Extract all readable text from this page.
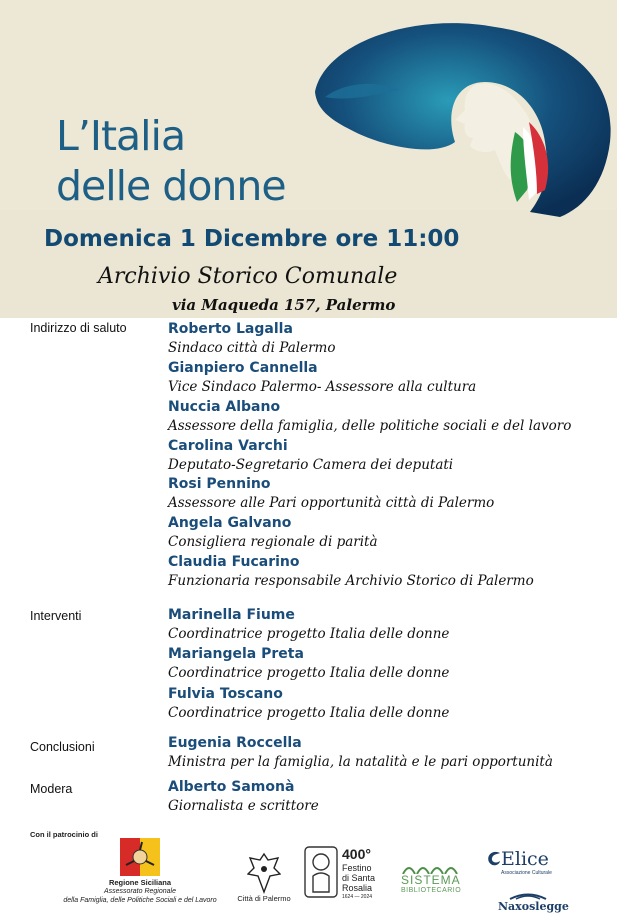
L’Italia
delle donne
Domenica 1 Dicembre ore 11:00
Archivio Storico Comunale
via Maqueda 157, Palermo
Indirizzo di saluto	Roberto Lagalla
Sindaco città di Palermo
Gianpiero Cannella
Vice Sindaco Palermo- Assessore alla cultura
Nuccia Albano
Assessore della famiglia, delle politiche sociali e del lavoro
Carolina Varchi
Deputato-Segretario Camera dei deputati
Rosi Pennino
Assessore alle Pari opportunità città di Palermo
Angela Galvano
Consigliera regionale di parità
Claudia Fucarino
Funzionaria responsabile Archivio Storico di Palermo
Interventi	Marinella Fiume
Coordinatrice progetto Italia delle donne
Mariangela Preta
Coordinatrice progetto Italia delle donne
Fulvia Toscano
Coordinatrice progetto Italia delle donne
Conclusioni	Eugenia Roccella
Ministra per la famiglia, la natalità e le pari opportunità
Modera	Alberto Samonà
Giornalista e scrittore
Con il patrocinio di
Regione Siciliana
Assessorato Regionale
della Famiglia, delle Politiche Sociali e del Lavoro	Città di Palermo
400°
Festino
di Santa
Rosalia
1624 — 2024
SISTEMA
BIBLIOTECARIO
Elice
Associazione Culturale
Naxoslegge
